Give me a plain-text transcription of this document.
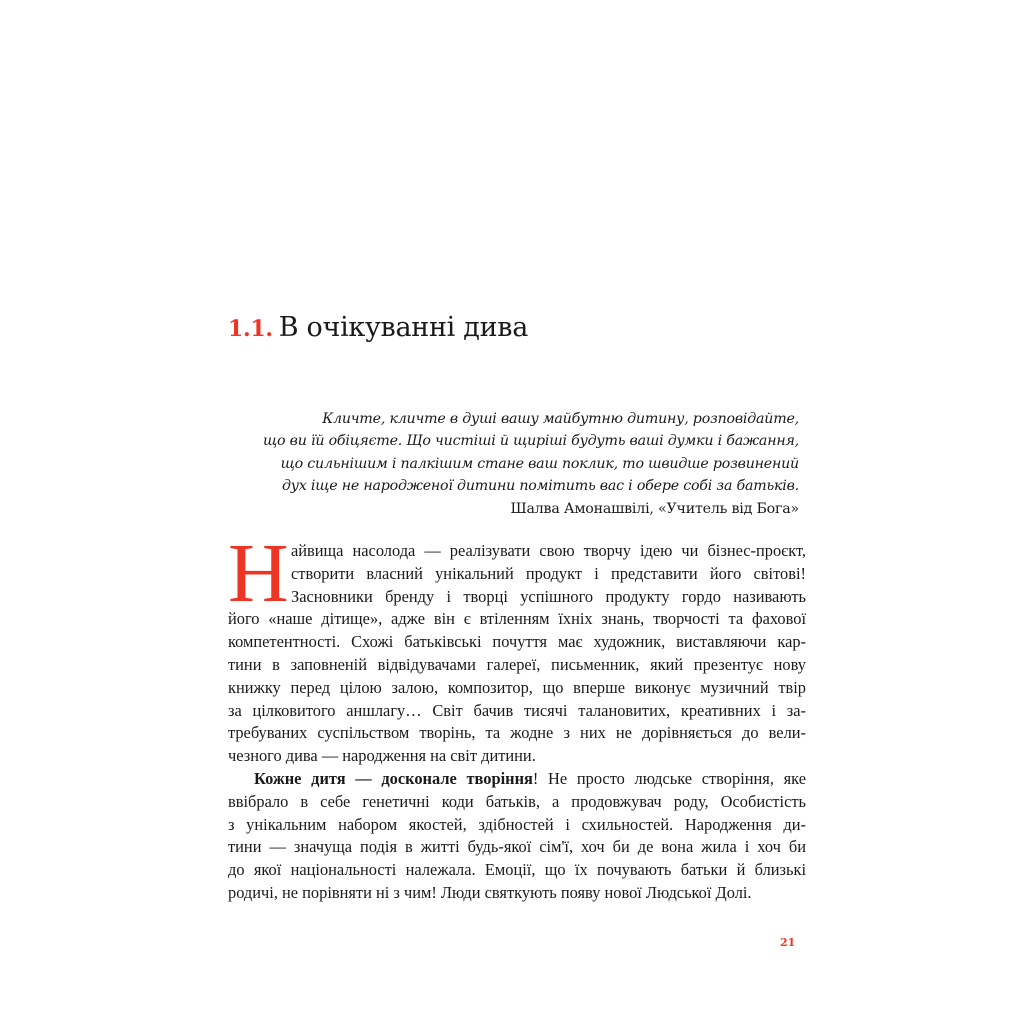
1.1. В очікуванні дива
Кличте, кличте в душі вашу майбутню дитину, розповідайте,
що ви їй обіцяєте. Що чистіші й щиріші будуть ваші думки і бажання,
що сильнішим і палкішим стане ваш поклик, то швидше розвинений
дух іще не народженої дитини помітить вас і обере собі за батьків.
Шалва Амонашвілі, «Учитель від Бога»
Н айвища насолода — реалізувати свою творчу ідею чи бізнес-проєкт,
створити власний унікальний продукт і представити його світові!
Засновники бренду і творці успішного продукту гордо називають
його «наше дітище», адже він є втіленням їхніх знань, творчості та фахової
компетентності. Схожі батьківські почуття має художник, виставляючи кар-
тини в заповненій відвідувачами галереї, письменник, який презентує нову
книжку перед цілою залою, композитор, що вперше виконує музичний твір
за цілковитого аншлагу… Світ бачив тисячі талановитих, креативних і за-
требуваних суспільством творінь, та жодне з них не дорівняється до вели-
чезного дива — народження на світ дитини.
Кожне дитя — досконале творіння! Не просто людське створіння, яке
ввібрало в себе генетичні коди батьків, а продовжувач роду, Особистість
з унікальним набором якостей, здібностей і схильностей. Народження ди-
тини — значуща подія в житті будь-якої сім'ї, хоч би де вона жила і хоч би
до якої національності належала. Емоції, що їх почувають батьки й близькі
родичі, не порівняти ні з чим! Люди святкують появу нової Людської Долі.
21
